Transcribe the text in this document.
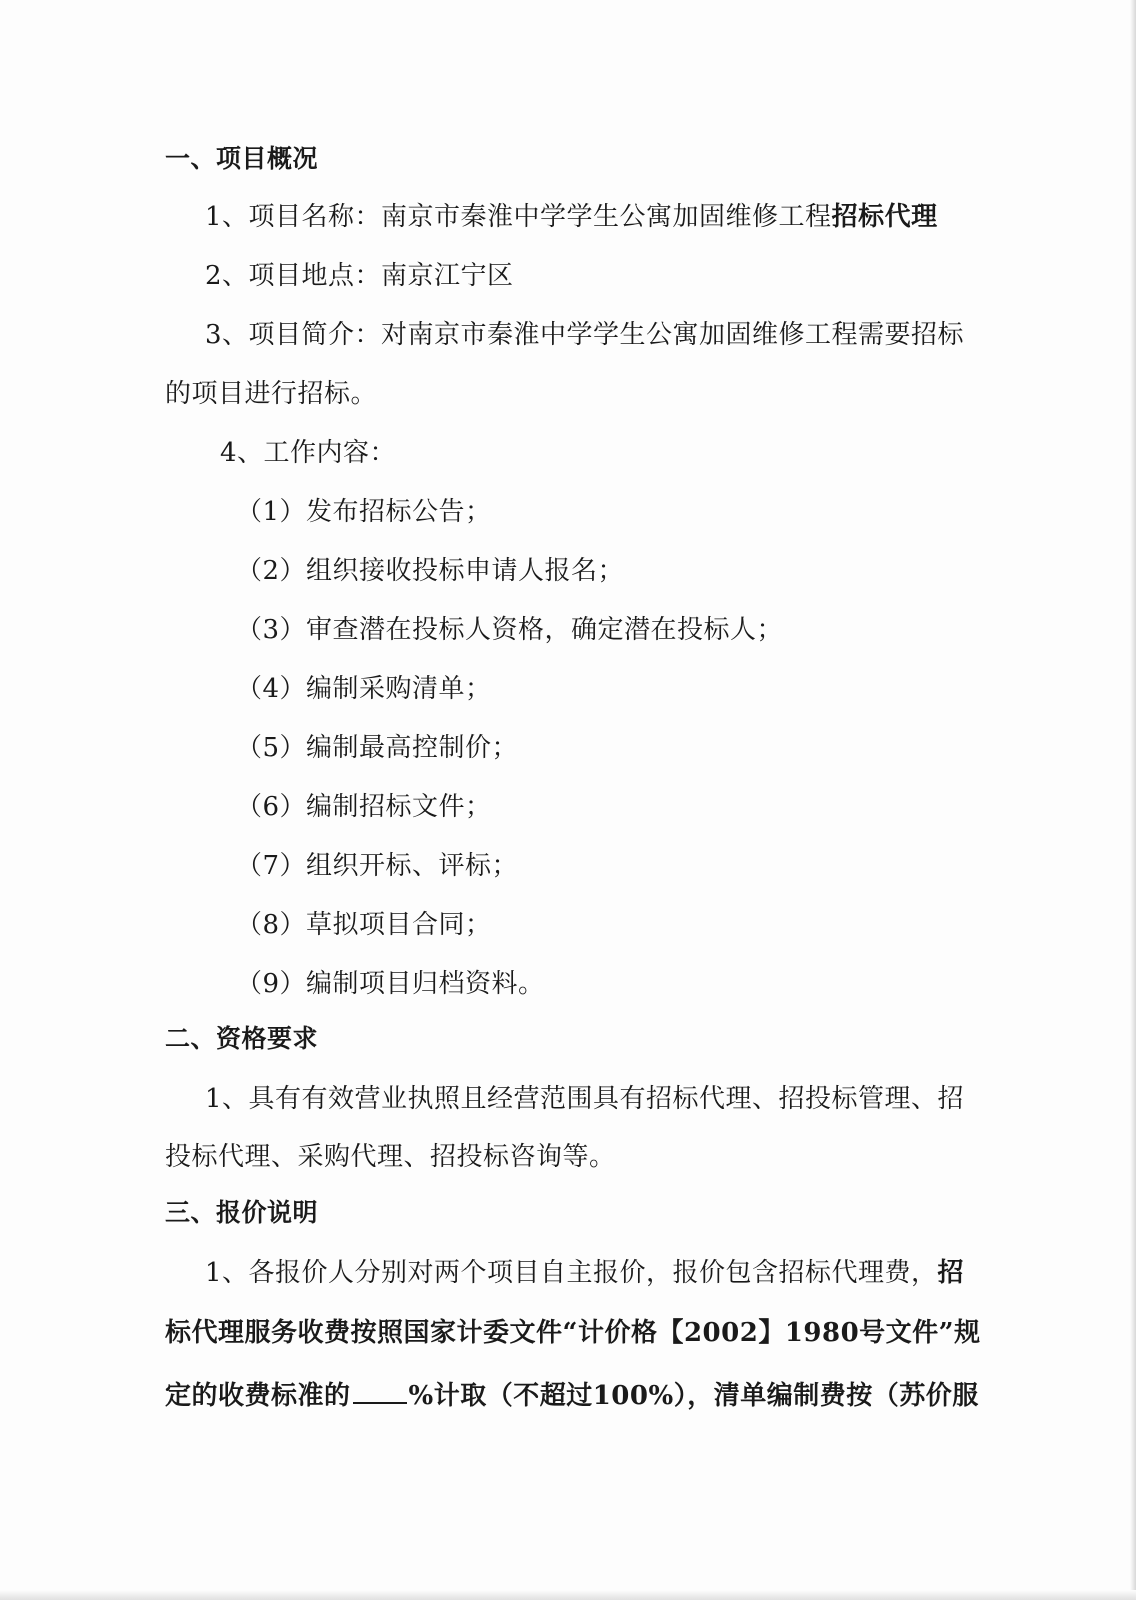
一、项目概况
1、项目名称：南京市秦淮中学学生公寓加固维修工程招标代理
2、项目地点：南京江宁区
3、项目简介：对南京市秦淮中学学生公寓加固维修工程需要招标
的项目进行招标。
4、工作内容：
（1）发布招标公告；
（2）组织接收投标申请人报名；
（3）审查潜在投标人资格，确定潜在投标人；
（4）编制采购清单；
（5）编制最高控制价；
（6）编制招标文件；
（7）组织开标、评标；
（8）草拟项目合同；
（9）编制项目归档资料。
二、资格要求
1、具有有效营业执照且经营范围具有招标代理、招投标管理、招
投标代理、采购代理、招投标咨询等。
三、报价说明
1、各报价人分别对两个项目自主报价，报价包含招标代理费，招
标代理服务收费按照国家计委文件“计价格【2002】1980号文件”规
定的收费标准的 %计取（不超过100%），清单编制费按（苏价服
